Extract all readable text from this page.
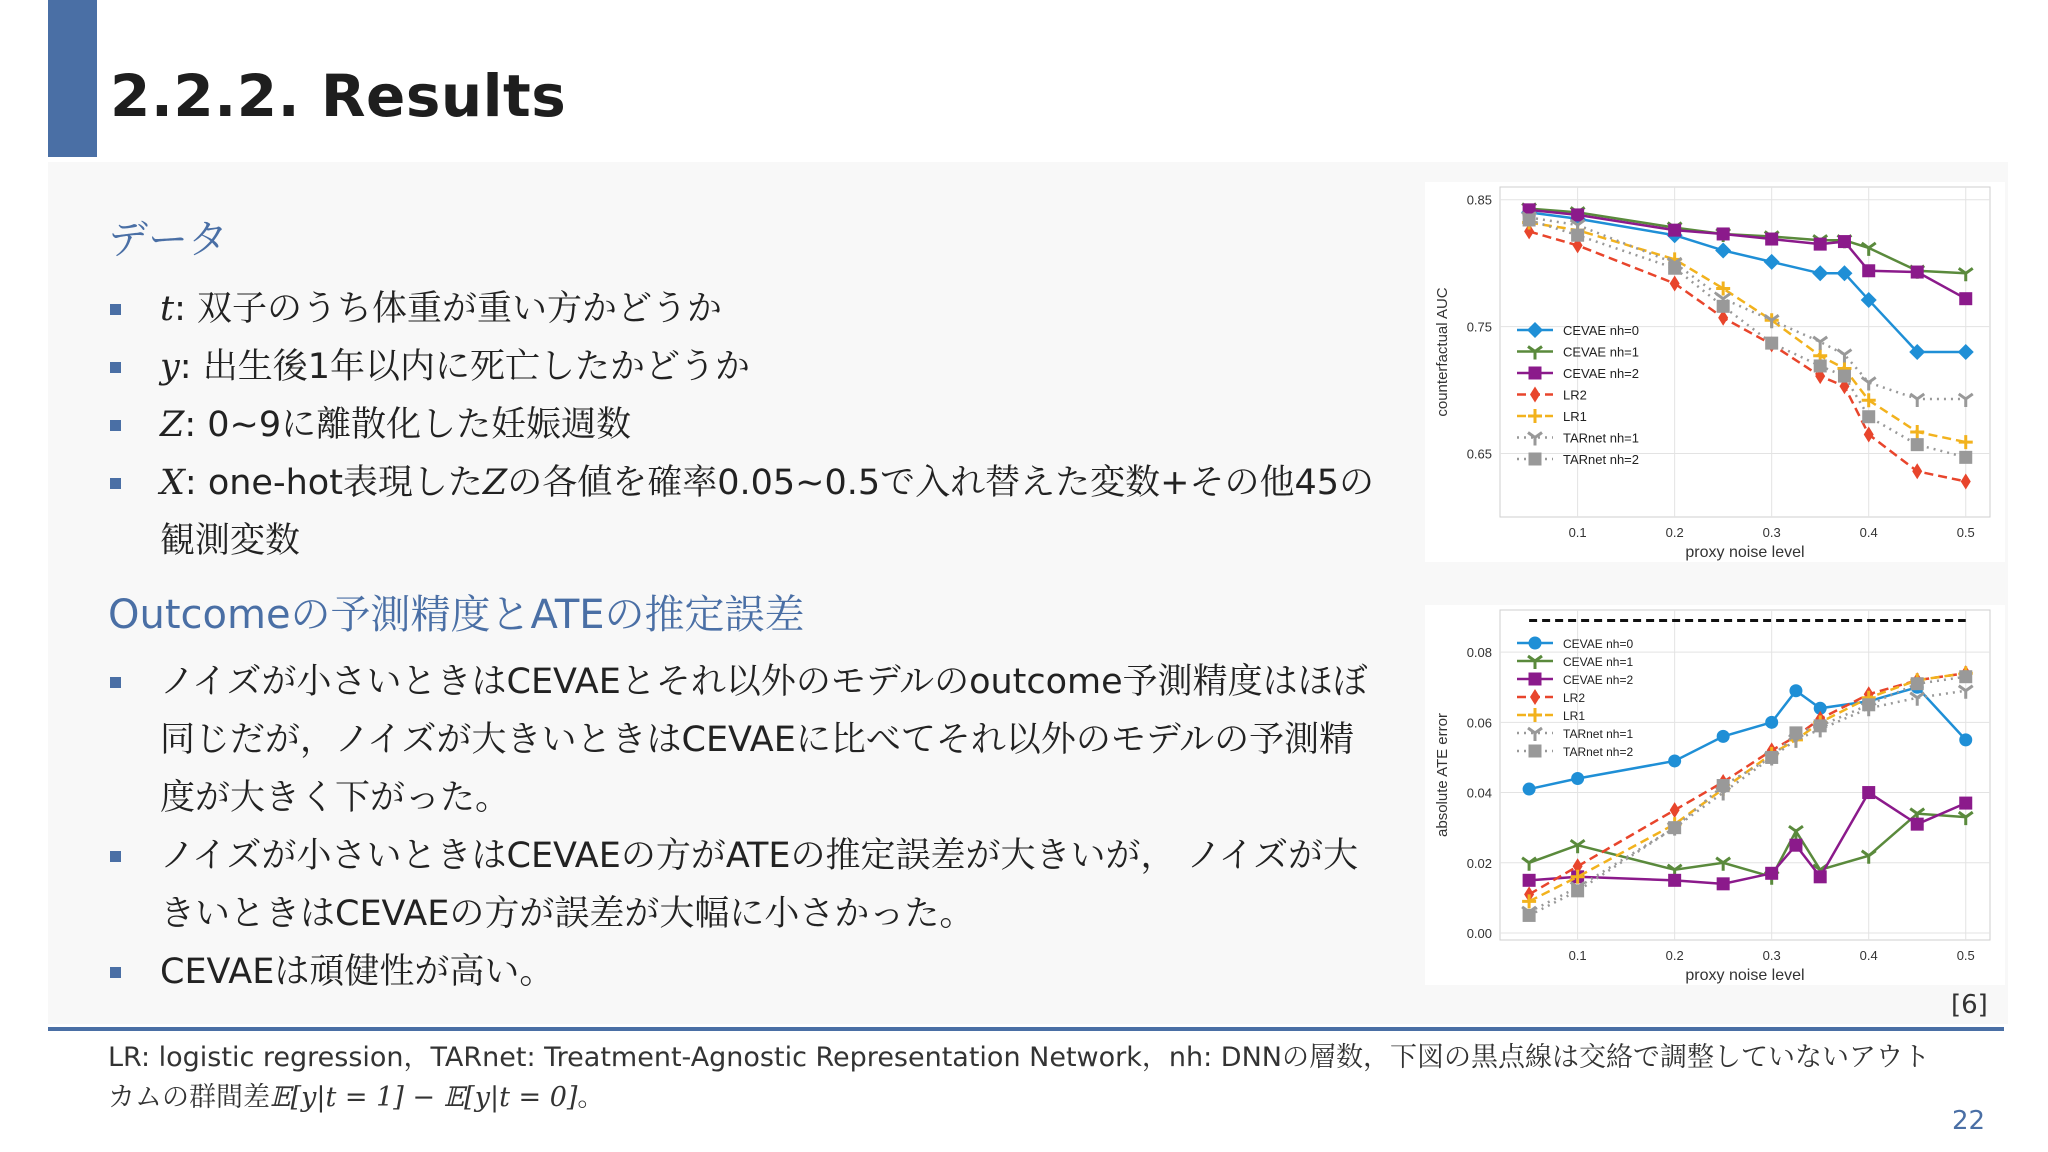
2.2.2. Results
データ
t: 双子のうち体重が重い方かどうか
y: 出生後1年以内に死亡したかどうか
Z: 0~9に離散化した妊娠週数
X: one-hot表現したZの各値を確率0.05~0.5で入れ替えた変数+その他45の観測変数
Outcomeの予測精度とATEの推定誤差
ノイズが小さいときはCEVAEとそれ以外のモデルのoutcome予測精度はほぼ同じだが，ノイズが大きいときはCEVAEに比べてそれ以外のモデルの予測精度が大きく下がった。
ノイズが小さいときはCEVAEの方がATEの推定誤差が大きいが， ノイズが大きいときはCEVAEの方が誤差が大幅に小さかった。
CEVAEは頑健性が高い。
0.1	0.2	0.3	0.4	0.5
0.65
0.75
0.85
proxy noise level
counterfactual AUC	CEVAE nh=0
CEVAE nh=1
CEVAE nh=2
LR2
LR1
TARnet nh=1
TARnet nh=2
0.1	0.2	0.3	0.4	0.5
0.00
0.02
0.04
0.06
0.08
proxy noise level
absolute ATE error
CEVAE nh=0
CEVAE nh=1
CEVAE nh=2
LR2
LR1
TARnet nh=1
TARnet nh=2
[6]
LR: logistic regression，TARnet: Treatment-Agnostic Representation Network，nh: DNNの層数，下図の黒点線は交絡で調整していないアウト
カムの群間差𝔼[y|t = 1] − 𝔼[y|t = 0]。
22
